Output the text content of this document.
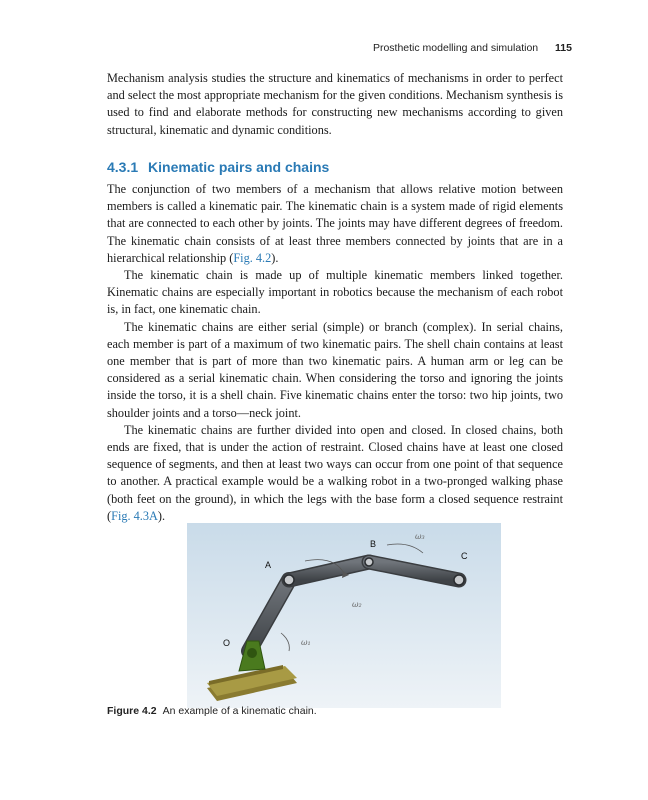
Prosthetic modelling and simulation 115

Mechanism analysis studies the structure and kinematics of mechanisms in order to perfect and select the most appropriate mechanism for the given conditions. Mechanism synthesis is used to find and elaborate methods for constructing new mechanisms according to given structural, kinematic and dynamic conditions.

4.3.1 Kinematic pairs and chains

The conjunction of two members of a mechanism that allows relative motion between members is called a kinematic pair. The kinematic chain is a system made of rigid elements that are connected to each other by joints. The joints may have different degrees of freedom. The kinematic chain consists of at least three members connected by joints that are in a hierarchical relationship (Fig. 4.2).

The kinematic chain is made up of multiple kinematic members linked together. Kinematic chains are especially important in robotics because the mechanism of each robot is, in fact, one kinematic chain.

The kinematic chains are either serial (simple) or branch (complex). In serial chains, each member is part of a maximum of two kinematic pairs. The shell chain contains at least one member that is part of more than two kinematic pairs. A human arm or leg can be considered as a serial kinematic chain. When considering the torso and ignoring the joints inside the torso, it is a shell chain. Five kinematic chains enter the torso: two hip joints, two shoulder joints and a torso—neck joint.

The kinematic chains are further divided into open and closed. In closed chains, both ends are fixed, that is under the action of restraint. Closed chains have at least one closed sequence of segments, and then at least two ways can occur from one point of that sequence to another. A practical example would be a walking robot in a two-pronged walking phase (both feet on the ground), in which the legs with the base form a closed sequence restraint (Fig. 4.3A).

O
A
B
C
ω₁
ω₂
ω₃
Figure 4.2 An example of a kinematic chain.
